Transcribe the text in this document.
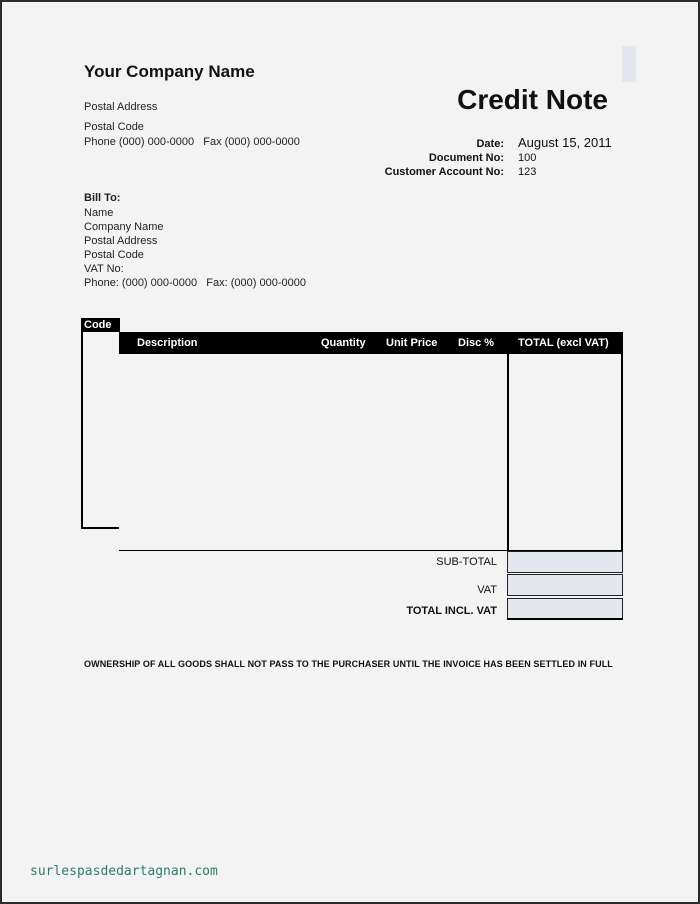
Your Company Name
Postal Address
Postal Code
Phone (000) 000-0000   Fax (000) 000-0000
Credit Note
Date: August 15, 2011
Document No: 100
Customer Account No: 123
Bill To:
Name
Company Name
Postal Address
Postal Code
VAT No:
Phone: (000) 000-0000   Fax: (000) 000-0000
Code
Description	Quantity Unit Price Disc % TOTAL (excl VAT)
SUB-TOTAL
VAT
TOTAL INCL. VAT
OWNERSHIP OF ALL GOODS SHALL NOT PASS TO THE PURCHASER UNTIL THE INVOICE HAS BEEN SETTLED IN FULL
surlespasdedartagnan.com
